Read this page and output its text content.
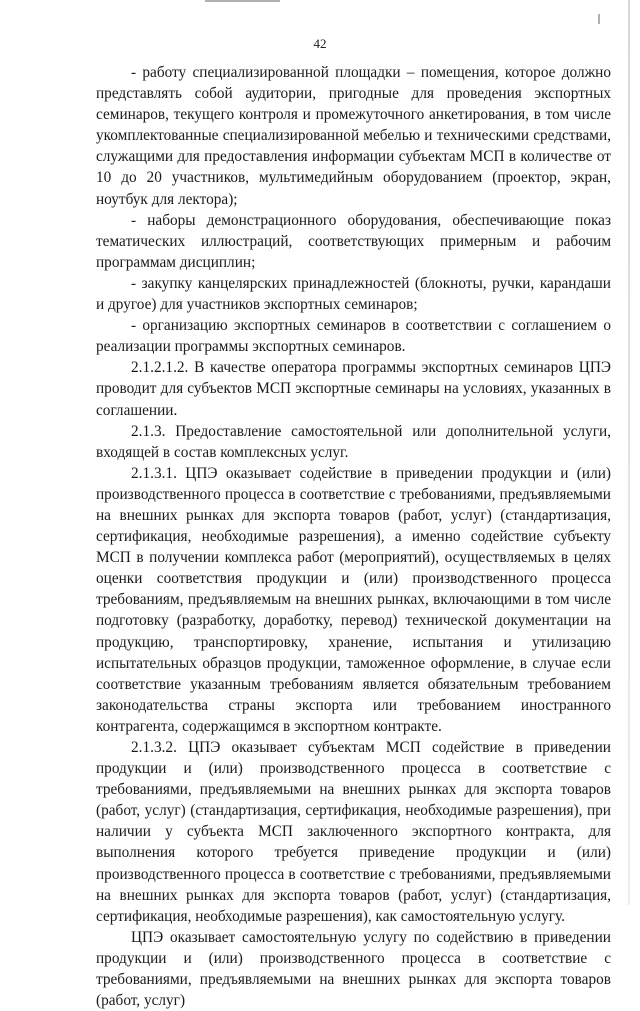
42

- работу специализированной площадки – помещения, которое должно представлять собой аудитории, пригодные для проведения экспортных семинаров, текущего контроля и промежуточного анкетирования, в том числе укомплектованные специализированной мебелью и техническими средствами, служащими для предоставления информации субъектам МСП в количестве от 10 до 20 участников, мультимедийным оборудованием (проектор, экран, ноутбук для лектора);

- наборы демонстрационного оборудования, обеспечивающие показ тематических иллюстраций, соответствующих примерным и рабочим программам дисциплин;

- закупку канцелярских принадлежностей (блокноты, ручки, карандаши и другое) для участников экспортных семинаров;

- организацию экспортных семинаров в соответствии с соглашением о реализации программы экспортных семинаров.

2.1.2.1.2. В качестве оператора программы экспортных семинаров ЦПЭ проводит для субъектов МСП экспортные семинары на условиях, указанных в соглашении.

2.1.3. Предоставление самостоятельной или дополнительной услуги, входящей в состав комплексных услуг.

2.1.3.1. ЦПЭ оказывает содействие в приведении продукции и (или) производственного процесса в соответствие с требованиями, предъявляемыми на внешних рынках для экспорта товаров (работ, услуг) (стандартизация, сертификация, необходимые разрешения), а именно содействие субъекту МСП в получении комплекса работ (мероприятий), осуществляемых в целях оценки соответствия продукции и (или) производственного процесса требованиям, предъявляемым на внешних рынках, включающими в том числе подготовку (разработку, доработку, перевод) технической документации на продукцию, транспортировку, хранение, испытания и утилизацию испытательных образцов продукции, таможенное оформление, в случае если соответствие указанным требованиям является обязательным требованием законодательства страны экспорта или требованием иностранного контрагента, содержащимся в экспортном контракте.

2.1.3.2. ЦПЭ оказывает субъектам МСП содействие в приведении продукции и (или) производственного процесса в соответствие с требованиями, предъявляемыми на внешних рынках для экспорта товаров (работ, услуг) (стандартизация, сертификация, необходимые разрешения), при наличии у субъекта МСП заключенного экспортного контракта, для выполнения которого требуется приведение продукции и (или) производственного процесса в соответствие с требованиями, предъявляемыми на внешних рынках для экспорта товаров (работ, услуг) (стандартизация, сертификация, необходимые разрешения), как самостоятельную услугу.

ЦПЭ оказывает самостоятельную услугу по содействию в приведении продукции и (или) производственного процесса в соответствие с требованиями, предъявляемыми на внешних рынках для экспорта товаров (работ, услуг)
